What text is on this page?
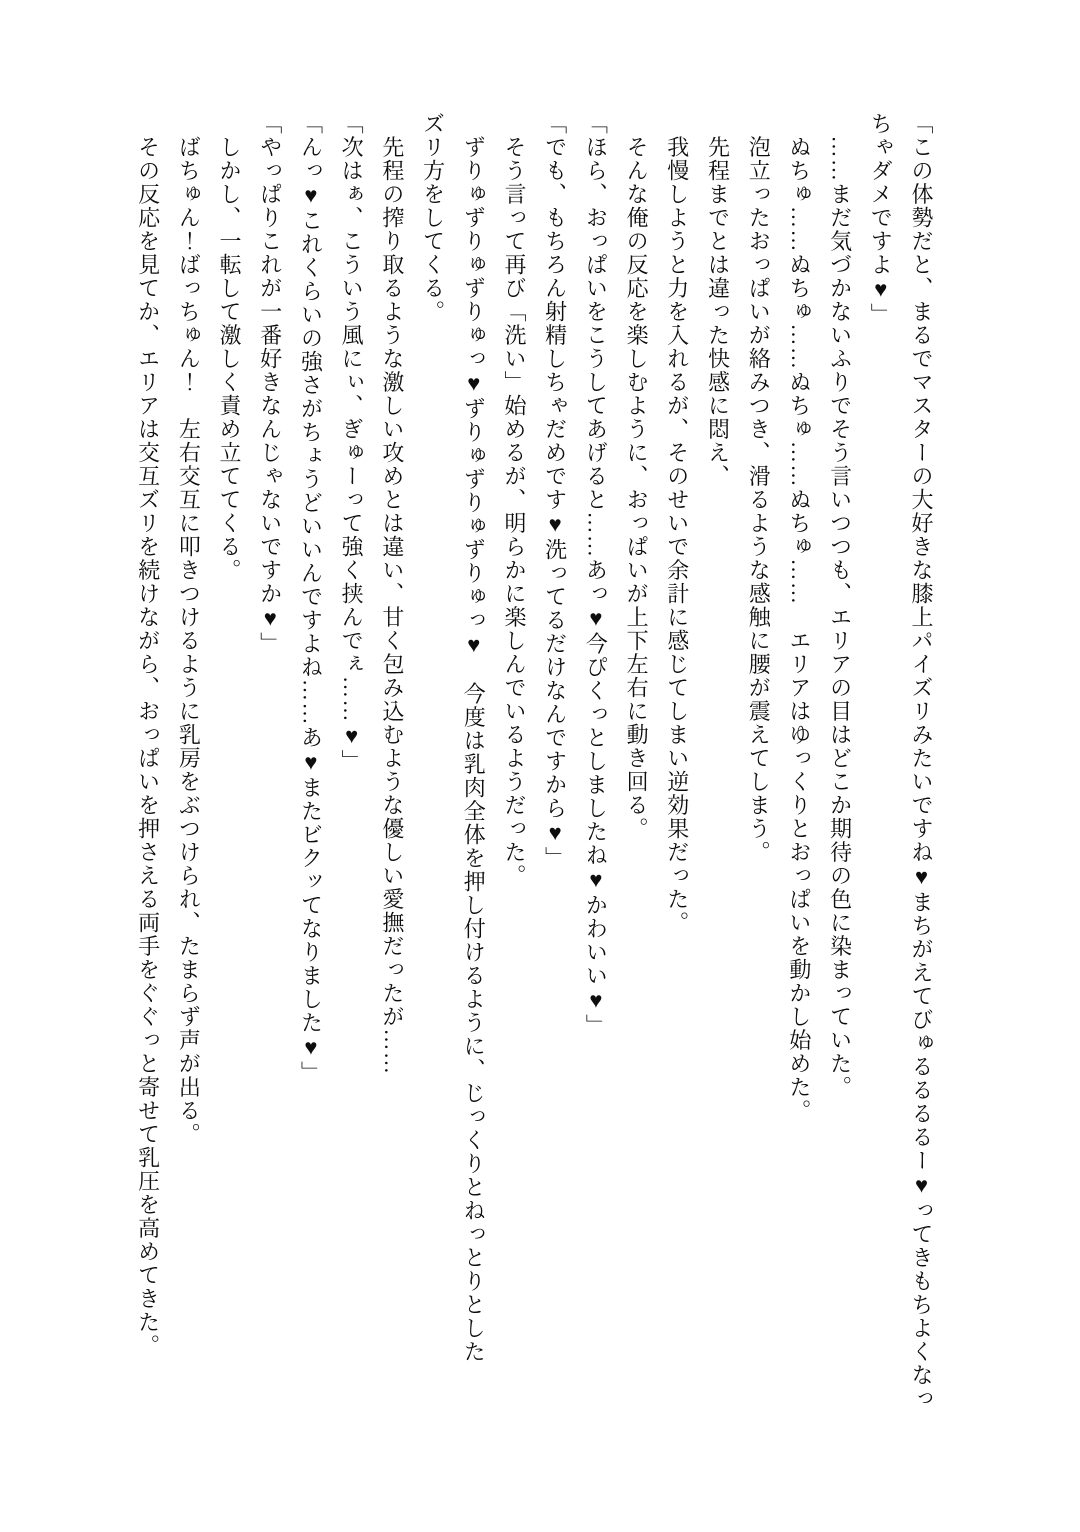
「この体勢だと、まるでマスターの大好きな膝上パイズリみたいですね♥まちがえてびゅるるるるー♥ってきもちよくなっ

ちゃダメですよ♥」

　……まだ気づかないふりでそう言いつつも、エリアの目はどこか期待の色に染まっていた。

　ぬちゅ……ぬちゅ……ぬちゅ……ぬちゅ……　エリアはゆっくりとおっぱいを動かし始めた。

　泡立ったおっぱいが絡みつき、滑るような感触に腰が震えてしまう。

　先程までとは違った快感に悶え、

　我慢しようと力を入れるが、そのせいで余計に感じてしまい逆効果だった。

　そんな俺の反応を楽しむように、おっぱいが上下左右に動き回る。

「ほら、おっぱいをこうしてあげると……あっ♥今ぴくっとしましたね♥かわいい♥」

「でも、もちろん射精しちゃだめです♥洗ってるだけなんですから♥」

　そう言って再び「洗い」始めるが、明らかに楽しんでいるようだった。

　ずりゅずりゅずりゅっ♥ずりゅずりゅずりゅっ♥　今度は乳肉全体を押し付けるように、じっくりとねっとりとした

ズリ方をしてくる。

　先程の搾り取るような激しい攻めとは違い、甘く包み込むような優しい愛撫だったが……

「次はぁ、こういう風にぃ、ぎゅーって強く挟んでぇ……♥」

「んっ♥これくらいの強さがちょうどいいんですよね……あ♥またビクッてなりました♥」

「やっぱりこれが一番好きなんじゃないですか♥」

　しかし、一転して激しく責め立ててくる。

　ばちゅん！ばっちゅん！　左右交互に叩きつけるように乳房をぶつけられ、たまらず声が出る。

　その反応を見てか、エリアは交互ズリを続けながら、おっぱいを押さえる両手をぐぐっと寄せて乳圧を高めてきた。
